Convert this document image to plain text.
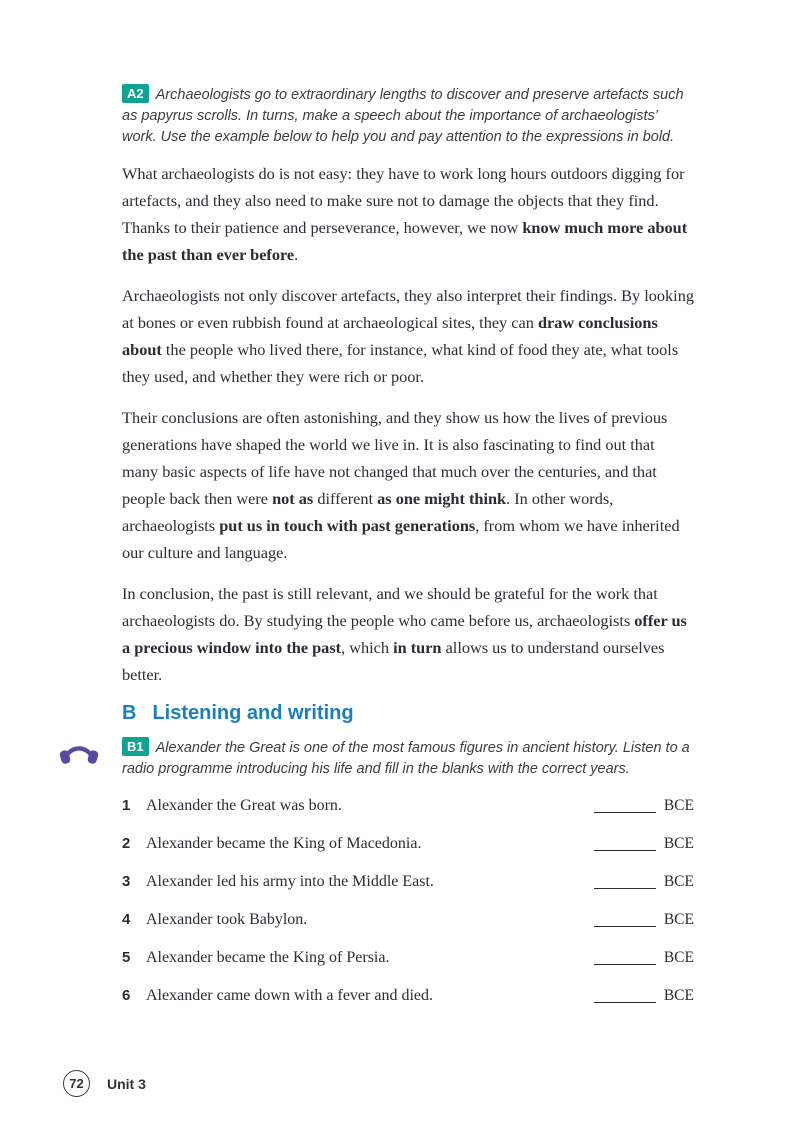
A2 Archaeologists go to extraordinary lengths to discover and preserve artefacts such as papyrus scrolls. In turns, make a speech about the importance of archaeologists’ work. Use the example below to help you and pay attention to the expressions in bold.

What archaeologists do is not easy: they have to work long hours outdoors digging for artefacts, and they also need to make sure not to damage the objects that they find. Thanks to their patience and perseverance, however, we now know much more about the past than ever before.

Archaeologists not only discover artefacts, they also interpret their findings. By looking at bones or even rubbish found at archaeological sites, they can draw conclusions about the people who lived there, for instance, what kind of food they ate, what tools they used, and whether they were rich or poor.

Their conclusions are often astonishing, and they show us how the lives of previous generations have shaped the world we live in. It is also fascinating to find out that many basic aspects of life have not changed that much over the centuries, and that people back then were not as different as one might think. In other words, archaeologists put us in touch with past generations, from whom we have inherited our culture and language.

In conclusion, the past is still relevant, and we should be grateful for the work that archaeologists do. By studying the people who came before us, archaeologists offer us a precious window into the past, which in turn allows us to understand ourselves better.

B Listening and writing

B1 Alexander the Great is one of the most famous figures in ancient history. Listen to a radio programme introducing his life and fill in the blanks with the correct years.

1 Alexander the Great was born.	BCE
2 Alexander became the King of Macedonia.	BCE
3 Alexander led his army into the Middle East.	BCE
4 Alexander took Babylon.	BCE
5 Alexander became the King of Persia.	BCE
6 Alexander came down with a fever and died.	BCE
72	Unit 3
